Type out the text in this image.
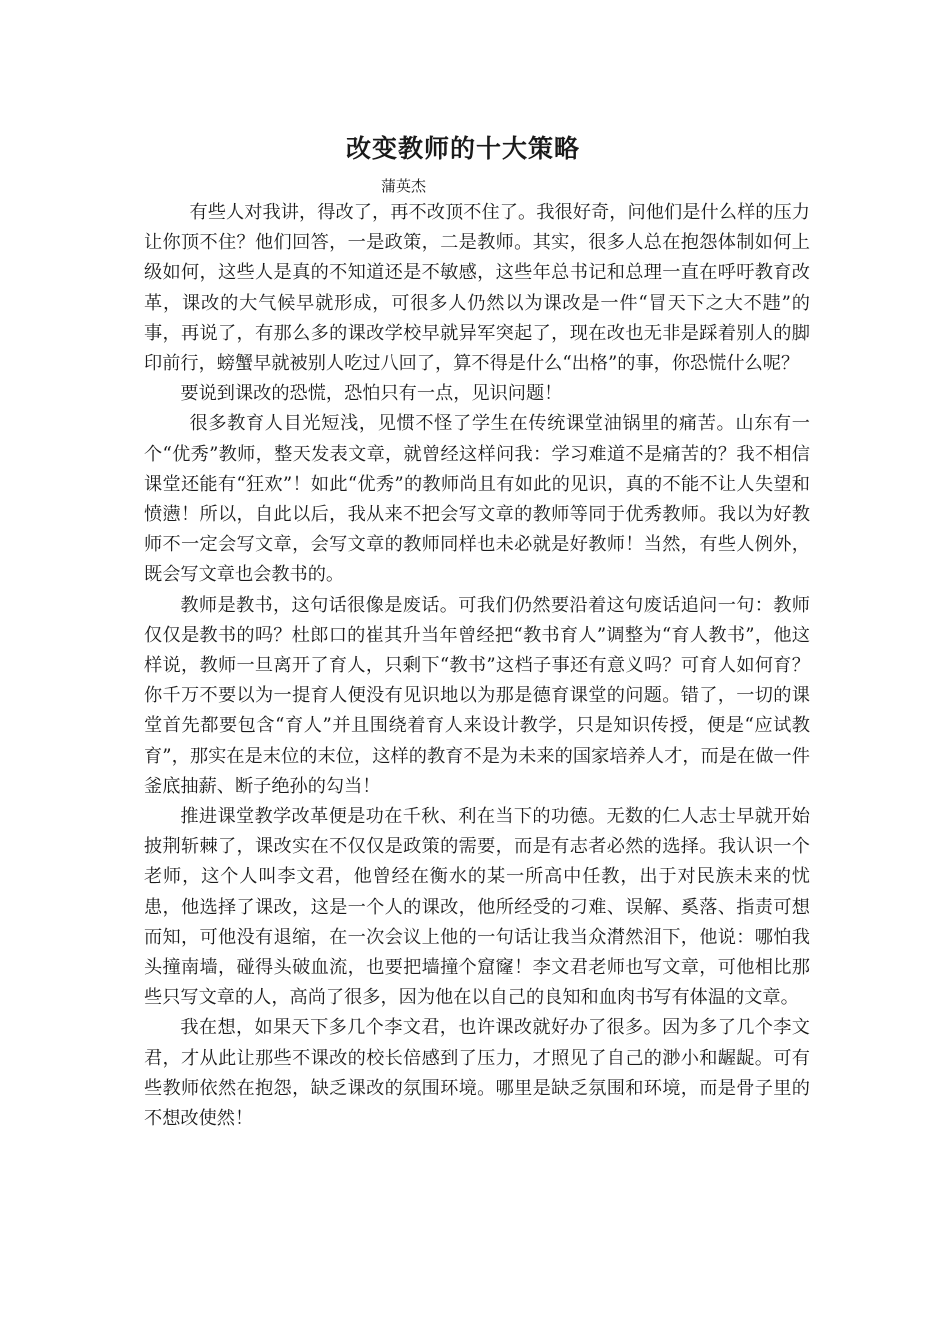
改变教师的十大策略
蒲英杰

有些人对我讲，得改了，再不改顶不住了。我很好奇，问他们是什么样的压力让你顶不住？他们回答，一是政策，二是教师。其实，很多人总在抱怨体制如何上级如何，这些人是真的不知道还是不敏感，这些年总书记和总理一直在呼吁教育改革，课改的大气候早就形成，可很多人仍然以为课改是一件“冒天下之大不韪”的事，再说了，有那么多的课改学校早就异军突起了，现在改也无非是踩着别人的脚印前行，螃蟹早就被别人吃过八回了，算不得是什么“出格”的事，你恐慌什么呢？

要说到课改的恐慌，恐怕只有一点，见识问题！

很多教育人目光短浅，见惯不怪了学生在传统课堂油锅里的痛苦。山东有一个“优秀”教师，整天发表文章，就曾经这样问我：学习难道不是痛苦的？我不相信课堂还能有“狂欢”！如此“优秀”的教师尚且有如此的见识，真的不能不让人失望和愤懑！所以，自此以后，我从来不把会写文章的教师等同于优秀教师。我以为好教师不一定会写文章，会写文章的教师同样也未必就是好教师！当然，有些人例外，既会写文章也会教书的。

教师是教书，这句话很像是废话。可我们仍然要沿着这句废话追问一句：教师仅仅是教书的吗？杜郎口的崔其升当年曾经把“教书育人”调整为“育人教书”，他这样说，教师一旦离开了育人，只剩下“教书”这档子事还有意义吗？可育人如何育？你千万不要以为一提育人便没有见识地以为那是德育课堂的问题。错了，一切的课堂首先都要包含“育人”并且围绕着育人来设计教学，只是知识传授，便是“应试教育”，那实在是末位的末位，这样的教育不是为未来的国家培养人才，而是在做一件釜底抽薪、断子绝孙的勾当！

推进课堂教学改革便是功在千秋、利在当下的功德。无数的仁人志士早就开始披荆斩棘了，课改实在不仅仅是政策的需要，而是有志者必然的选择。我认识一个老师，这个人叫李文君，他曾经在衡水的某一所高中任教，出于对民族未来的忧患，他选择了课改，这是一个人的课改，他所经受的刁难、误解、奚落、指责可想而知，可他没有退缩，在一次会议上他的一句话让我当众潸然泪下，他说：哪怕我头撞南墙，碰得头破血流，也要把墙撞个窟窿！李文君老师也写文章，可他相比那些只写文章的人，高尚了很多，因为他在以自己的良知和血肉书写有体温的文章。

我在想，如果天下多几个李文君，也许课改就好办了很多。因为多了几个李文君，才从此让那些不课改的校长倍感到了压力，才照见了自己的渺小和龌龊。可有些教师依然在抱怨，缺乏课改的氛围环境。哪里是缺乏氛围和环境，而是骨子里的不想改使然！
